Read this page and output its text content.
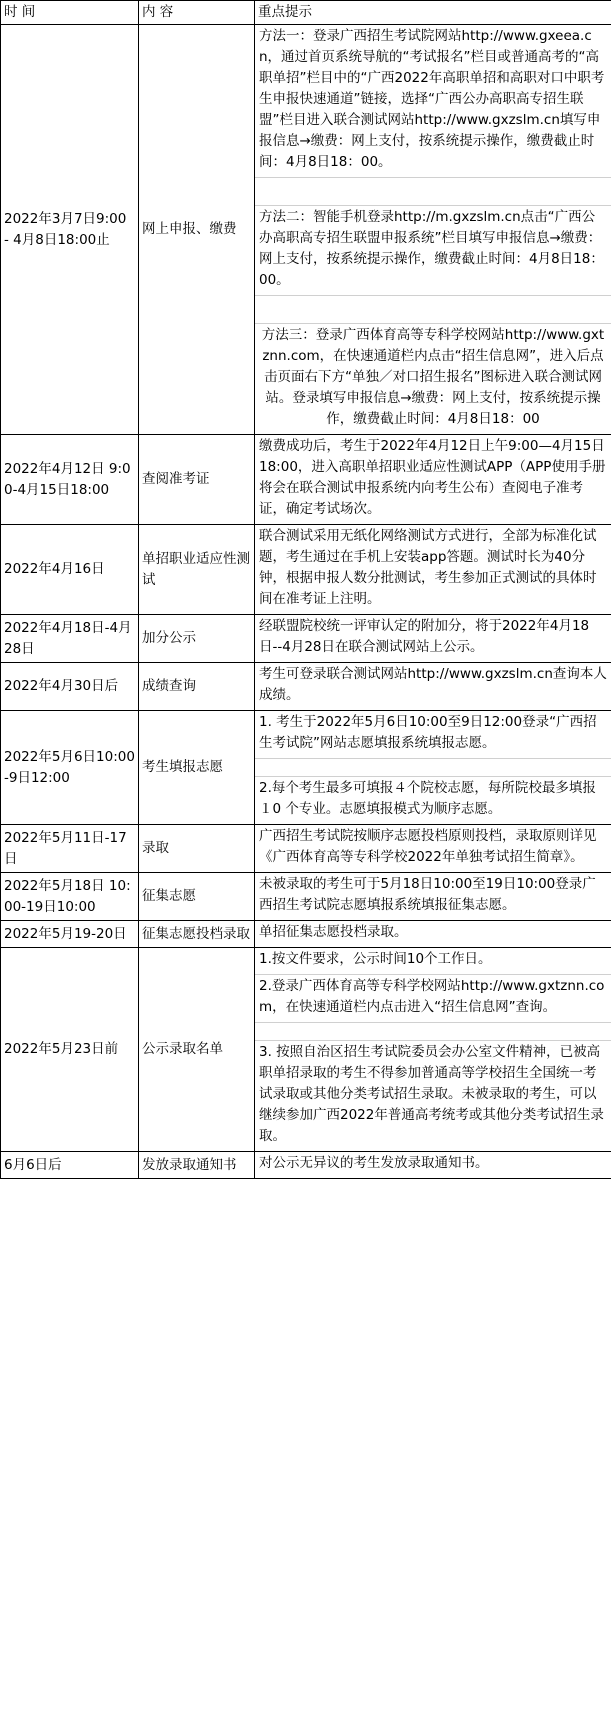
时 间	内 容	重点提示
2022年3月7日9:00 - 4月8日18:00止	网上申报、缴费	方法一：登录广西招生考试院网站http://www.gxeea.cn，通过首页系统导航的“考试报名”栏目或普通高考的“高职单招”栏目中的“广西2022年高职单招和高职对口中职考生申报快速通道”链接，选择“广西公办高职高专招生联盟”栏目进入联合测试网站http://www.gxzslm.cn填写申报信息→缴费：网上支付，按系统提示操作，缴费截止时间：4月8日18：00。
方法二：智能手机登录http://m.gxzslm.cn点击“广西公办高职高专招生联盟申报系统”栏目填写申报信息→缴费：网上支付，按系统提示操作，缴费截止时间：4月8日18：00。
方法三：登录广西体育高等专科学校网站http://www.gxtznn.com，在快速通道栏内点击“招生信息网”，进入后点击页面右下方“单独／对口招生报名”图标进入联合测试网站。登录填写申报信息→缴费：网上支付，按系统提示操作，缴费截止时间：4月8日18：00

2022年4月12日 9:00-4月15日18:00	查阅准考证	缴费成功后，考生于2022年4月12日上午9:00—4月15日18:00，进入高职单招职业适应性测试APP（APP使用手册将会在联合测试申报系统内向考生公布）查阅电子准考证，确定考试场次。

2022年4月16日	单招职业适应性测试	联合测试采用无纸化网络测试方式进行，全部为标准化试题，考生通过在手机上安装app答题。测试时长为40分钟，根据申报人数分批测试，考生参加正式测试的具体时间在准考证上注明。

2022年4月18日-4月28日	加分公示	经联盟院校统一评审认定的附加分，将于2022年4月18日--4月28日在联合测试网站上公示。

2022年4月30日后	成绩查询	考生可登录联合测试网站http://www.gxzslm.cn查询本人成绩。

2022年5月6日10:00 -9日12:00	考生填报志愿	1. 考生于2022年5月6日10:00至9日12:00登录“广西招生考试院”网站志愿填报系统填报志愿。
2.每个考生最多可填报４个院校志愿，每所院校最多填报１0 个专业。志愿填报模式为顺序志愿。

2022年5月11日-17日	录取	广西招生考试院按顺序志愿投档原则投档，录取原则详见《广西体育高等专科学校2022年单独考试招生简章》。

2022年5月18日 10:00-19日10:00	征集志愿	未被录取的考生可于5月18日10:00至19日10:00登录广西招生考试院志愿填报系统填报征集志愿。

2022年5月19-20日	征集志愿投档录取	单招征集志愿投档录取。

2022年5月23日前	公示录取名单	1.按文件要求，公示时间10个工作日。
2.登录广西体育高等专科学校网站http://www.gxtznn.com，在快速通道栏内点击进入“招生信息网”查询。
3. 按照自治区招生考试院委员会办公室文件精神，已被高职单招录取的考生不得参加普通高等学校招生全国统一考试录取或其他分类考试招生录取。未被录取的考生，可以继续参加广西2022年普通高考统考或其他分类考试招生录取。

6月6日后	发放录取通知书	对公示无异议的考生发放录取通知书。
